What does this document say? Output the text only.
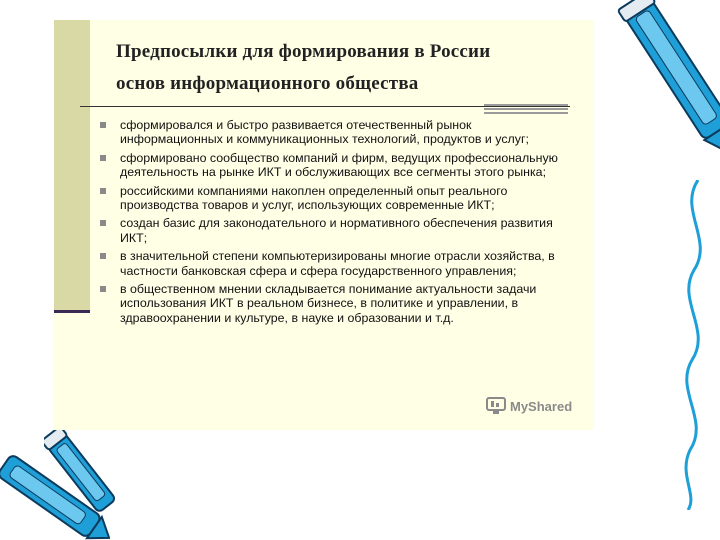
Предпосылки для формирования в России
основ информационного общества
сформировался и быстро развивается отечественный рынок информационных и коммуникационных технологий, продуктов и услуг;
сформировано сообщество компаний и фирм, ведущих профессиональную деятельность на рынке ИКТ и обслуживающих все сегменты этого рынка;
российскими компаниями накоплен определенный опыт реального производства товаров и услуг, использующих современные ИКТ;
создан базис для законодательного и нормативного обеспечения развития ИКТ;
в значительной степени компьютеризированы многие отрасли хозяйства, в частности банковская сфера и сфера государственного управления;
в общественном мнении складывается понимание актуальности задачи использования ИКТ в реальном бизнесе, в политике и управлении, в здравоохранении и культуре, в науке и образовании и т.д.
MyShared
